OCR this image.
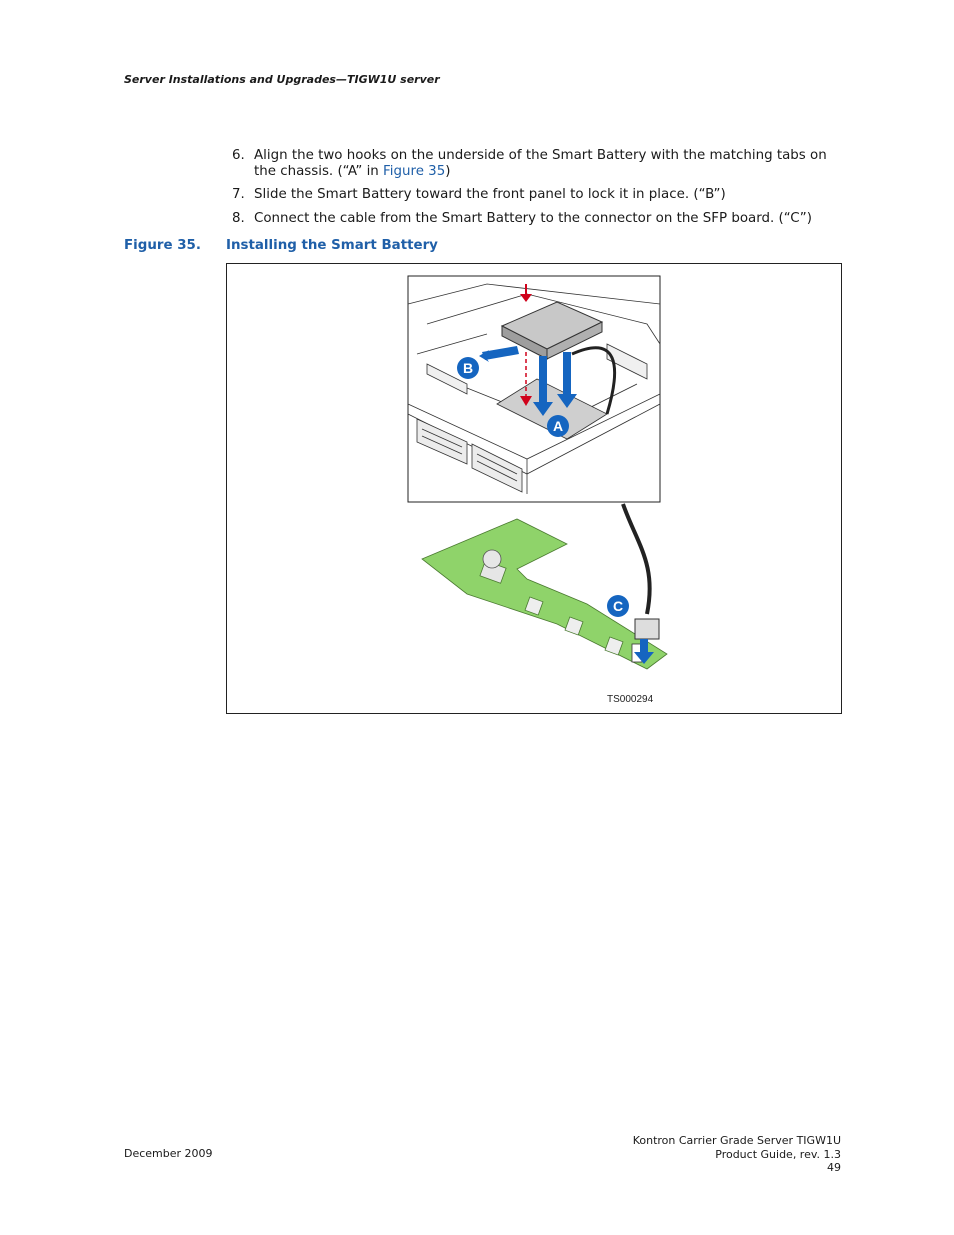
Server Installations and Upgrades—TIGW1U server
6. Align the two hooks on the underside of the Smart Battery with the matching tabs on the chassis. (“A” in Figure 35)
7. Slide the Smart Battery toward the front panel to lock it in place. (“B”)
8. Connect the cable from the Smart Battery to the connector on the SFP board. (“C”)
Figure 35. Installing the Smart Battery
B
A
C
TS000294
December 2009
Kontron Carrier Grade Server TIGW1U
Product Guide, rev. 1.3
49
